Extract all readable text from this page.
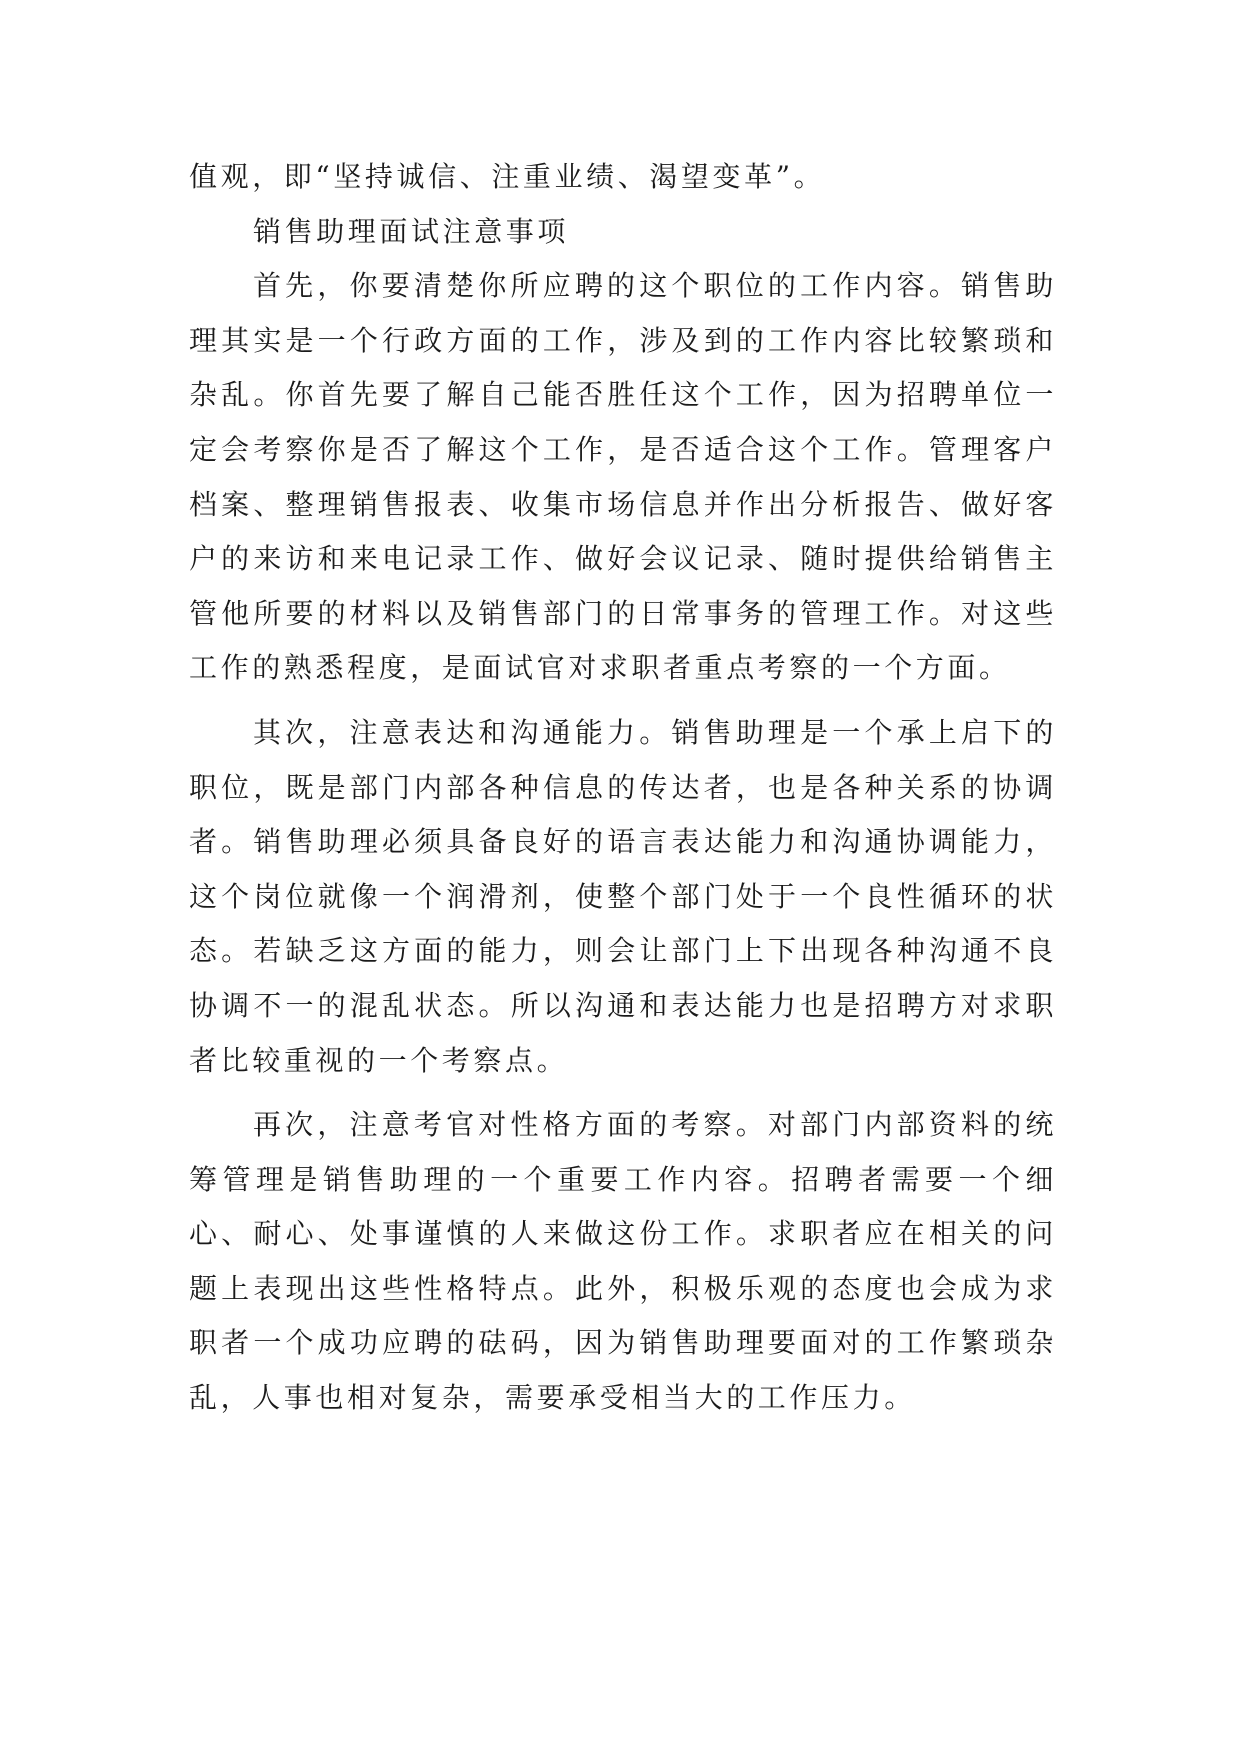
值观，即“坚持诚信、注重业绩、渴望变革”。

销售助理面试注意事项

首先，你要清楚你所应聘的这个职位的工作内容。销售助理其实是一个行政方面的工作，涉及到的工作内容比较繁琐和杂乱。你首先要了解自己能否胜任这个工作，因为招聘单位一定会考察你是否了解这个工作，是否适合这个工作。管理客户档案、整理销售报表、收集市场信息并作出分析报告、做好客户的来访和来电记录工作、做好会议记录、随时提供给销售主管他所要的材料以及销售部门的日常事务的管理工作。对这些工作的熟悉程度，是面试官对求职者重点考察的一个方面。

其次，注意表达和沟通能力。销售助理是一个承上启下的职位，既是部门内部各种信息的传达者，也是各种关系的协调者。销售助理必须具备良好的语言表达能力和沟通协调能力，这个岗位就像一个润滑剂，使整个部门处于一个良性循环的状态。若缺乏这方面的能力，则会让部门上下出现各种沟通不良协调不一的混乱状态。所以沟通和表达能力也是招聘方对求职者比较重视的一个考察点。

再次，注意考官对性格方面的考察。对部门内部资料的统筹管理是销售助理的一个重要工作内容。招聘者需要一个细心、耐心、处事谨慎的人来做这份工作。求职者应在相关的问题上表现出这些性格特点。此外，积极乐观的态度也会成为求职者一个成功应聘的砝码，因为销售助理要面对的工作繁琐杂乱，人事也相对复杂，需要承受相当大的工作压力。
